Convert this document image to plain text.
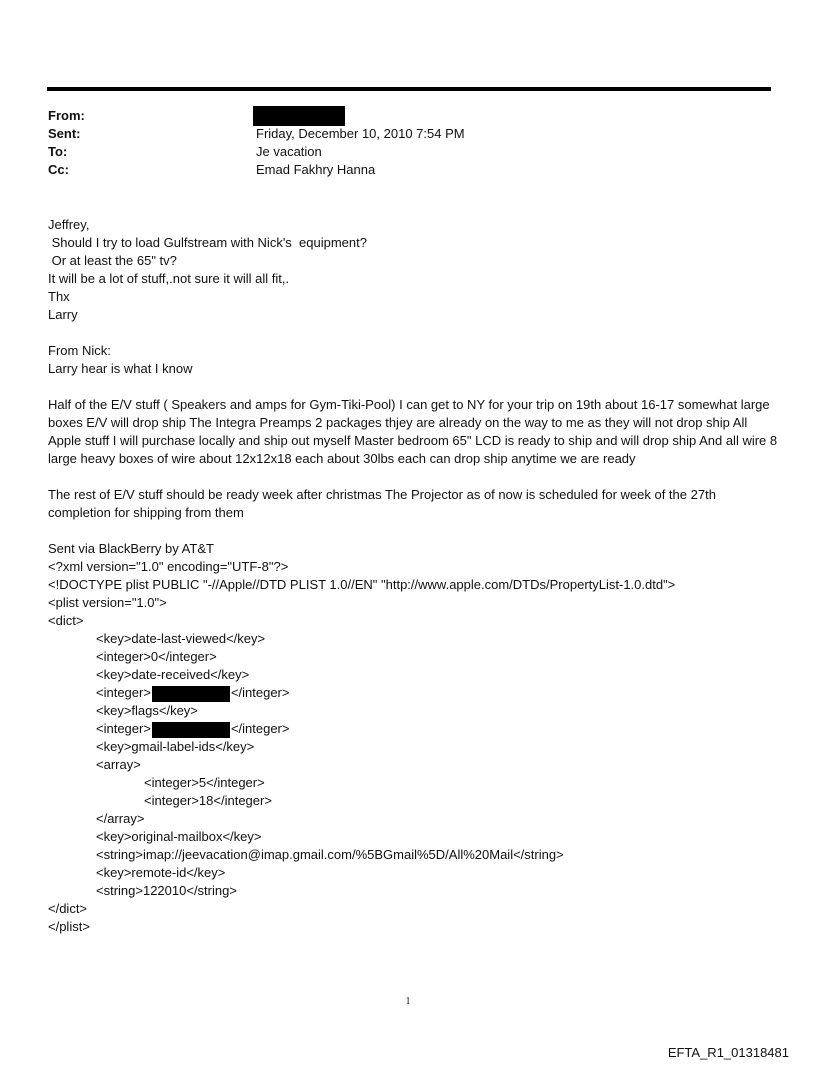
From:
Sent:	Friday, December 10, 2010 7:54 PM
To:	Je vacation
Cc:	Emad Fakhry Hanna
Jeffrey,
Should I try to load Gulfstream with Nick's  equipment?
Or at least the 65" tv?
It will be a lot of stuff,.not sure it will all fit,.
Thx
Larry
From Nick:
Larry hear is what I know

Half of the E/V stuff ( Speakers and amps for Gym-Tiki-Pool) I can get to NY for your trip on 19th about 16-17 somewhat large boxes E/V will drop ship The Integra Preamps 2 packages thjey are already on the way to me as they will not drop ship All Apple stuff I will purchase locally and ship out myself Master bedroom 65" LCD is ready to ship and will drop ship And all wire 8 large heavy boxes of wire about 12x12x18 each about 30lbs each can drop ship anytime we are ready

The rest of E/V stuff should be ready week after christmas The Projector as of now is scheduled for week of the 27th completion for shipping from them

Sent via BlackBerry by AT&T
<?xml version="1.0" encoding="UTF-8"?>
<!DOCTYPE plist PUBLIC "-//Apple//DTD PLIST 1.0//EN" "http://www.apple.com/DTDs/PropertyList-1.0.dtd">
<plist version="1.0">
<dict>
<key>date-last-viewed</key>
<integer>0</integer>
<key>date-received</key>
<integer>	</integer>
<key>flags</key>
<integer>	</integer>
<key>gmail-label-ids</key>
<array>
<integer>5</integer>
<integer>18</integer>
</array>
<key>original-mailbox</key>
<string>imap://jeevacation@imap.gmail.com/%5BGmail%5D/All%20Mail</string>
<key>remote-id</key>
<string>122010</string>
</dict>
</plist>
1
EFTA_R1_01318481
